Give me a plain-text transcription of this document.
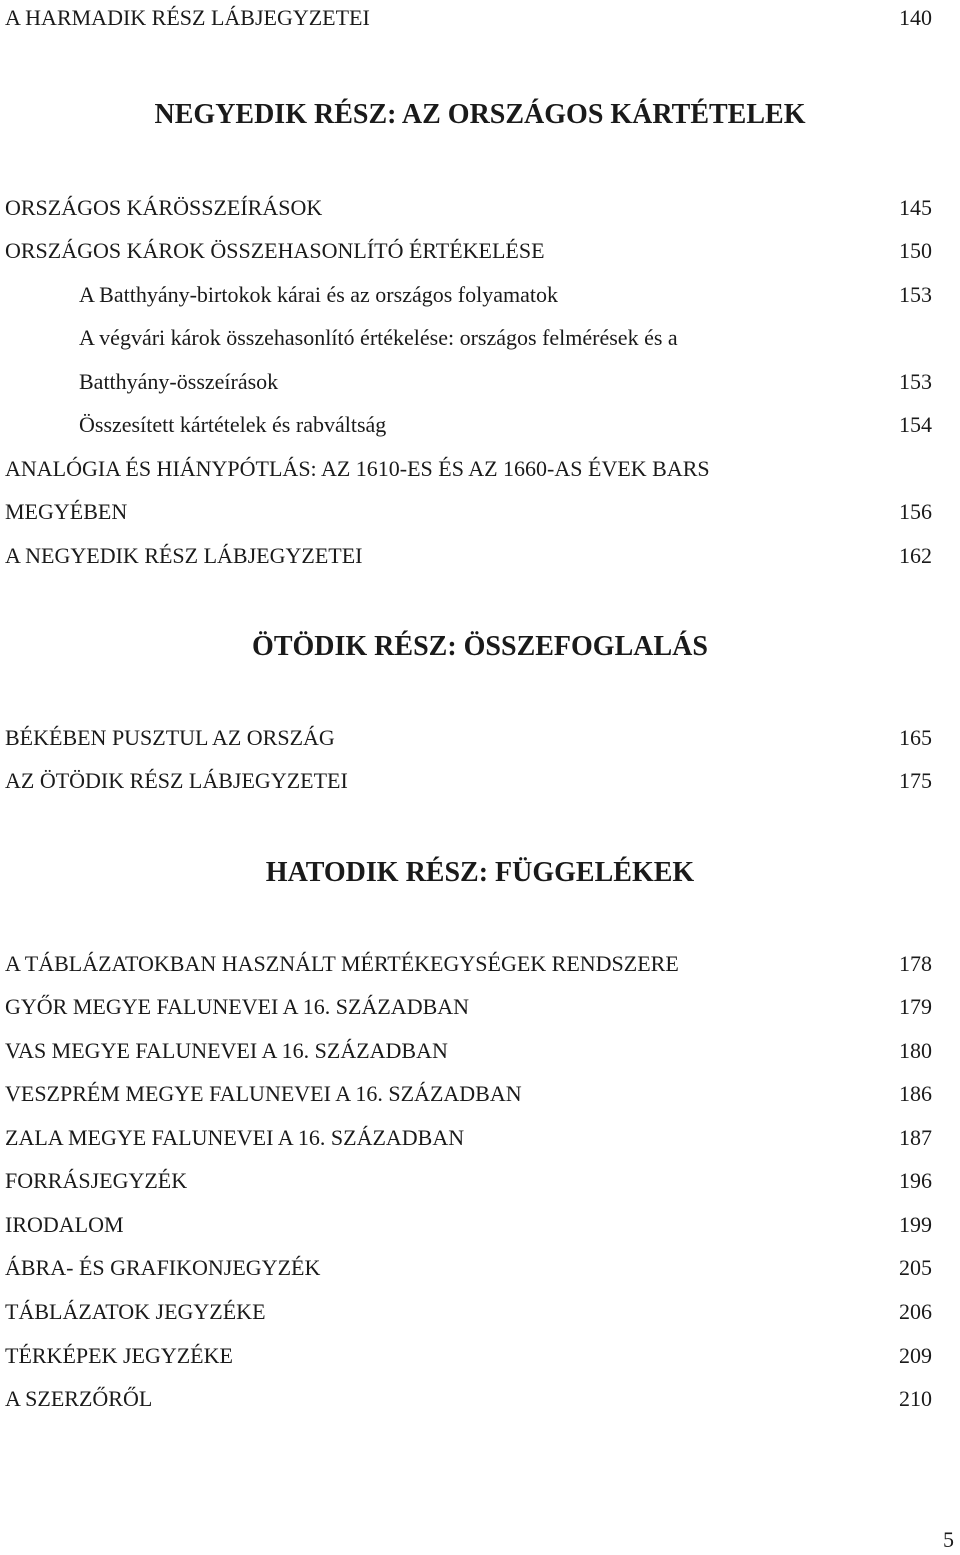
A HARMADIK RÉSZ LÁBJEGYZETEI	140
NEGYEDIK RÉSZ: AZ ORSZÁGOS KÁRTÉTELEK
ORSZÁGOS KÁRÖSSZEÍRÁSOK	145
ORSZÁGOS KÁROK ÖSSZEHASONLÍTÓ ÉRTÉKELÉSE	150
A Batthyány-birtokok kárai és az országos folyamatok	153
A végvári károk összehasonlító értékelése: országos felmérések és a
Batthyány-összeírások	153
Összesített kártételek és rabváltság	154
ANALÓGIA ÉS HIÁNYPÓTLÁS: AZ 1610-ES ÉS AZ 1660-AS ÉVEK BARS
MEGYÉBEN	156
A NEGYEDIK RÉSZ LÁBJEGYZETEI	162
ÖTÖDIK RÉSZ: ÖSSZEFOGLALÁS
BÉKÉBEN PUSZTUL AZ ORSZÁG	165
AZ ÖTÖDIK RÉSZ LÁBJEGYZETEI	175
HATODIK RÉSZ: FÜGGELÉKEK
A TÁBLÁZATOKBAN HASZNÁLT MÉRTÉKEGYSÉGEK RENDSZERE	178
GYŐR MEGYE FALUNEVEI A 16. SZÁZADBAN	179
VAS MEGYE FALUNEVEI A 16. SZÁZADBAN	180
VESZPRÉM MEGYE FALUNEVEI A 16. SZÁZADBAN	186
ZALA MEGYE FALUNEVEI A 16. SZÁZADBAN	187
FORRÁSJEGYZÉK	196
IRODALOM	199
ÁBRA- ÉS GRAFIKONJEGYZÉK	205
TÁBLÁZATOK JEGYZÉKE	206
TÉRKÉPEK JEGYZÉKE	209
A SZERZŐRŐL	210
5
